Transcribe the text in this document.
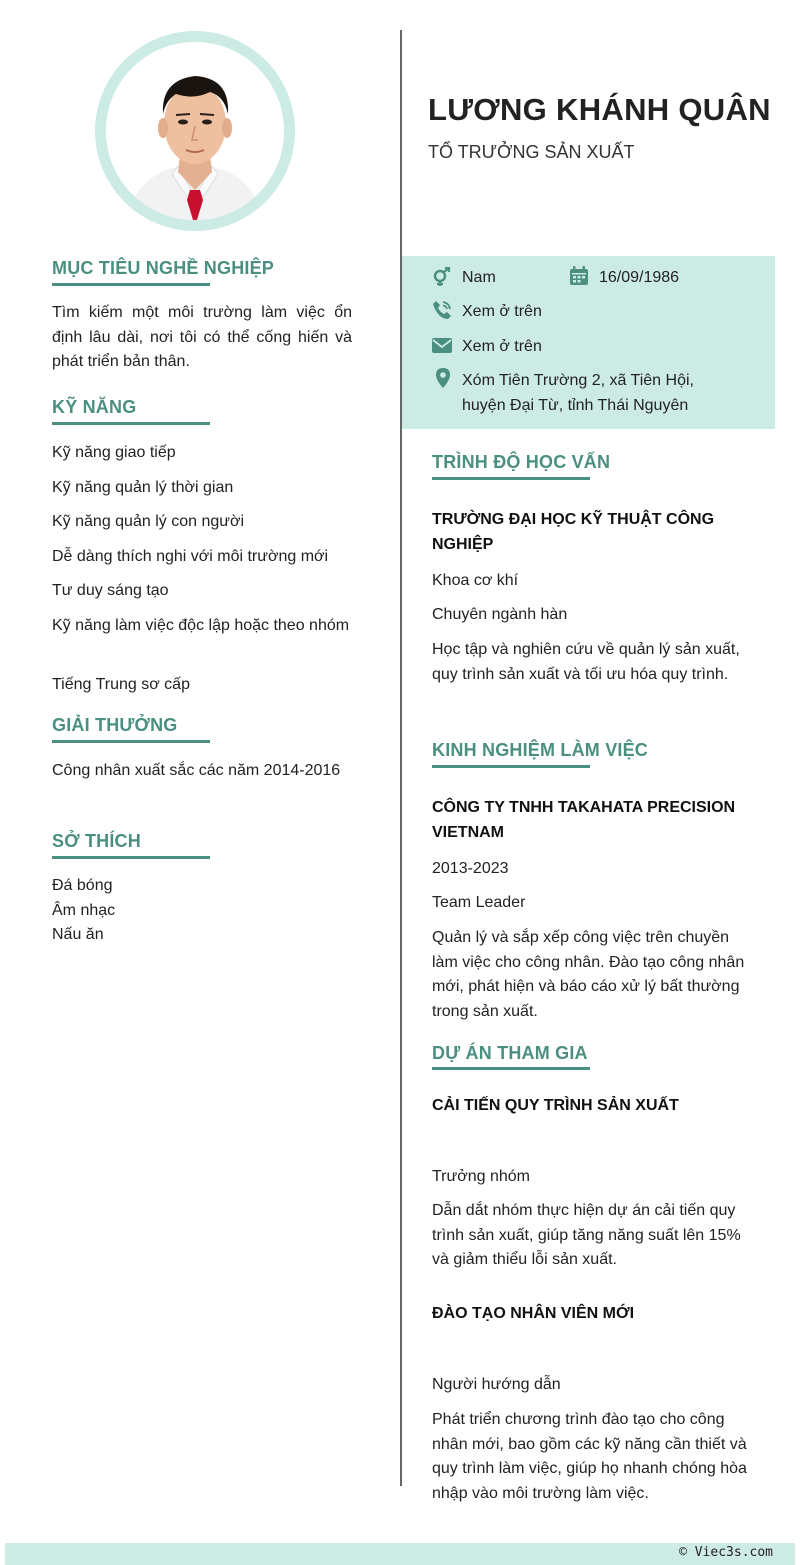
MỤC TIÊU NGHỀ NGHIỆP
Tìm kiếm một môi trường làm việc ổn định lâu dài, nơi tôi có thể cống hiến và phát triển bản thân.
KỸ NĂNG
Kỹ năng giao tiếp
Kỹ năng quản lý thời gian
Kỹ năng quản lý con người
Dễ dàng thích nghi với môi trường mới
Tư duy sáng tạo
Kỹ năng làm việc độc lập hoặc theo nhóm
Tiếng Trung sơ cấp
GIẢI THƯỞNG
Công nhân xuất sắc các năm 2014-2016
SỞ THÍCH
Đá bóng
Âm nhạc
Nấu ăn
LƯƠNG KHÁNH QUÂN
TỔ TRƯỞNG SẢN XUẤT
Nam	16/09/1986
Xem ở trên
Xem ở trên
Xóm Tiên Trường 2, xã Tiên Hội,
huyện Đại Từ, tỉnh Thái Nguyên
TRÌNH ĐỘ HỌC VẤN
TRƯỜNG ĐẠI HỌC KỸ THUẬT CÔNG NGHIỆP
Khoa cơ khí
Chuyên ngành hàn
Học tập và nghiên cứu về quản lý sản xuất, quy trình sản xuất và tối ưu hóa quy trình.
KINH NGHIỆM LÀM VIỆC
CÔNG TY TNHH TAKAHATA PRECISION VIETNAM
2013-2023
Team Leader
Quản lý và sắp xếp công việc trên chuyền làm việc cho công nhân. Đào tạo công nhân mới, phát hiện và báo cáo xử lý bất thường trong sản xuất.
DỰ ÁN THAM GIA
CẢI TIẾN QUY TRÌNH SẢN XUẤT
Trưởng nhóm
Dẫn dắt nhóm thực hiện dự án cải tiến quy trình sản xuất, giúp tăng năng suất lên 15% và giảm thiểu lỗi sản xuất.
ĐÀO TẠO NHÂN VIÊN MỚI
Người hướng dẫn
Phát triển chương trình đào tạo cho công nhân mới, bao gồm các kỹ năng cần thiết và quy trình làm việc, giúp họ nhanh chóng hòa nhập vào môi trường làm việc.
© Viec3s.com
